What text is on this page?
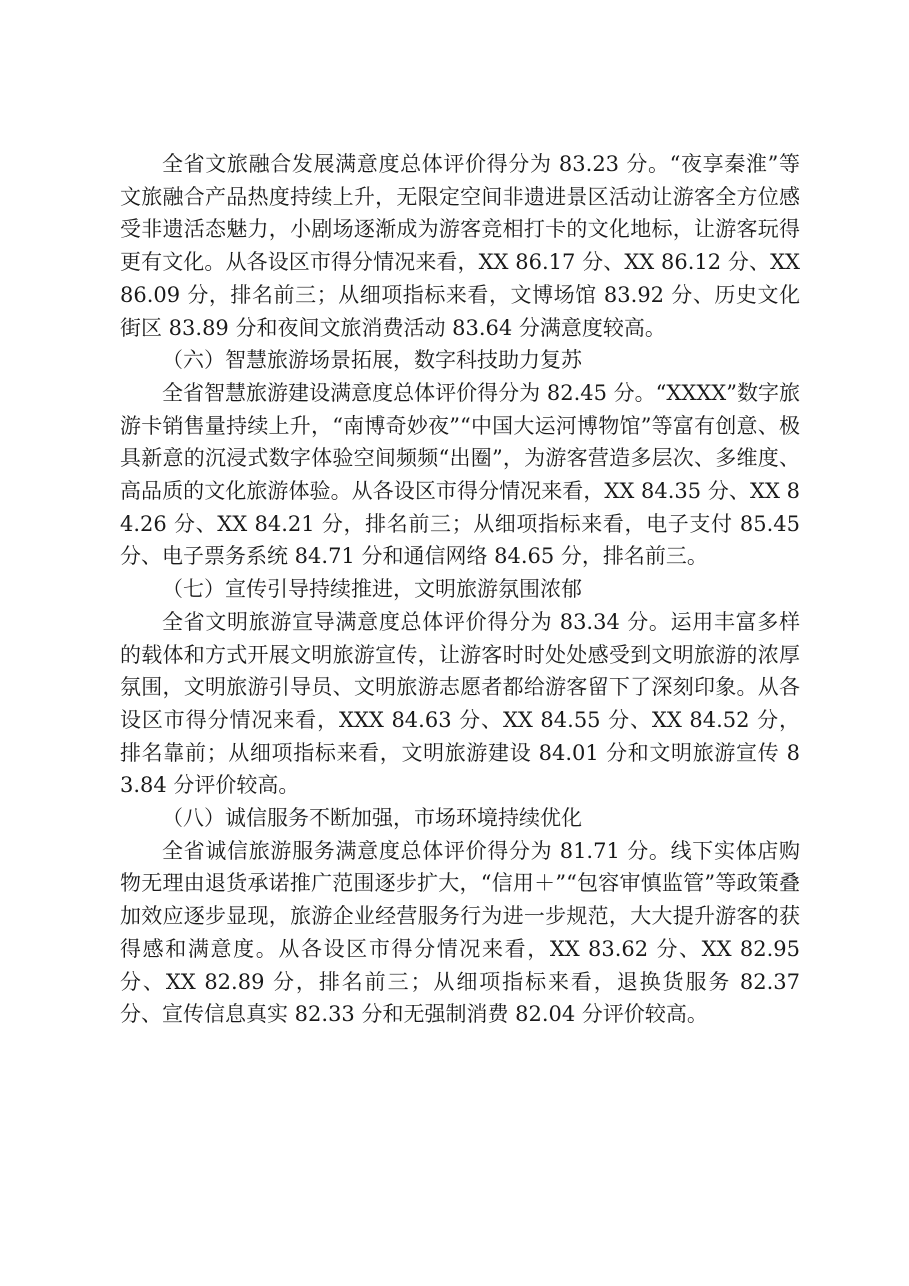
全省文旅融合发展满意度总体评价得分为 83.23 分。“夜享秦淮”等文旅融合产品热度持续上升，无限定空间非遗进景区活动让游客全方位感受非遗活态魅力，小剧场逐渐成为游客竞相打卡的文化地标，让游客玩得更有文化。从各设区市得分情况来看，XX 86.17 分、XX 86.12 分、XX 86.09 分，排名前三；从细项指标来看，文博场馆 83.92 分、历史文化街区 83.89 分和夜间文旅消费活动 83.64 分满意度较高。

（六）智慧旅游场景拓展，数字科技助力复苏

全省智慧旅游建设满意度总体评价得分为 82.45 分。“XXXX”数字旅游卡销售量持续上升，“南博奇妙夜”“中国大运河博物馆”等富有创意、极具新意的沉浸式数字体验空间频频“出圈”，为游客营造多层次、多维度、高品质的文化旅游体验。从各设区市得分情况来看，XX 84.35 分、XX 84.26 分、XX 84.21 分，排名前三；从细项指标来看，电子支付 85.45 分、电子票务系统 84.71 分和通信网络 84.65 分，排名前三。

（七）宣传引导持续推进，文明旅游氛围浓郁

全省文明旅游宣导满意度总体评价得分为 83.34 分。运用丰富多样的载体和方式开展文明旅游宣传，让游客时时处处感受到文明旅游的浓厚氛围，文明旅游引导员、文明旅游志愿者都给游客留下了深刻印象。从各设区市得分情况来看，XXX 84.63 分、XX 84.55 分、XX 84.52 分，排名靠前；从细项指标来看，文明旅游建设 84.01 分和文明旅游宣传 83.84 分评价较高。

（八）诚信服务不断加强，市场环境持续优化

全省诚信旅游服务满意度总体评价得分为 81.71 分。线下实体店购物无理由退货承诺推广范围逐步扩大，“信用＋”“包容审慎监管”等政策叠加效应逐步显现，旅游企业经营服务行为进一步规范，大大提升游客的获得感和满意度。从各设区市得分情况来看，XX 83.62 分、XX 82.95 分、XX 82.89 分，排名前三；从细项指标来看，退换货服务 82.37 分、宣传信息真实 82.33 分和无强制消费 82.04 分评价较高。
